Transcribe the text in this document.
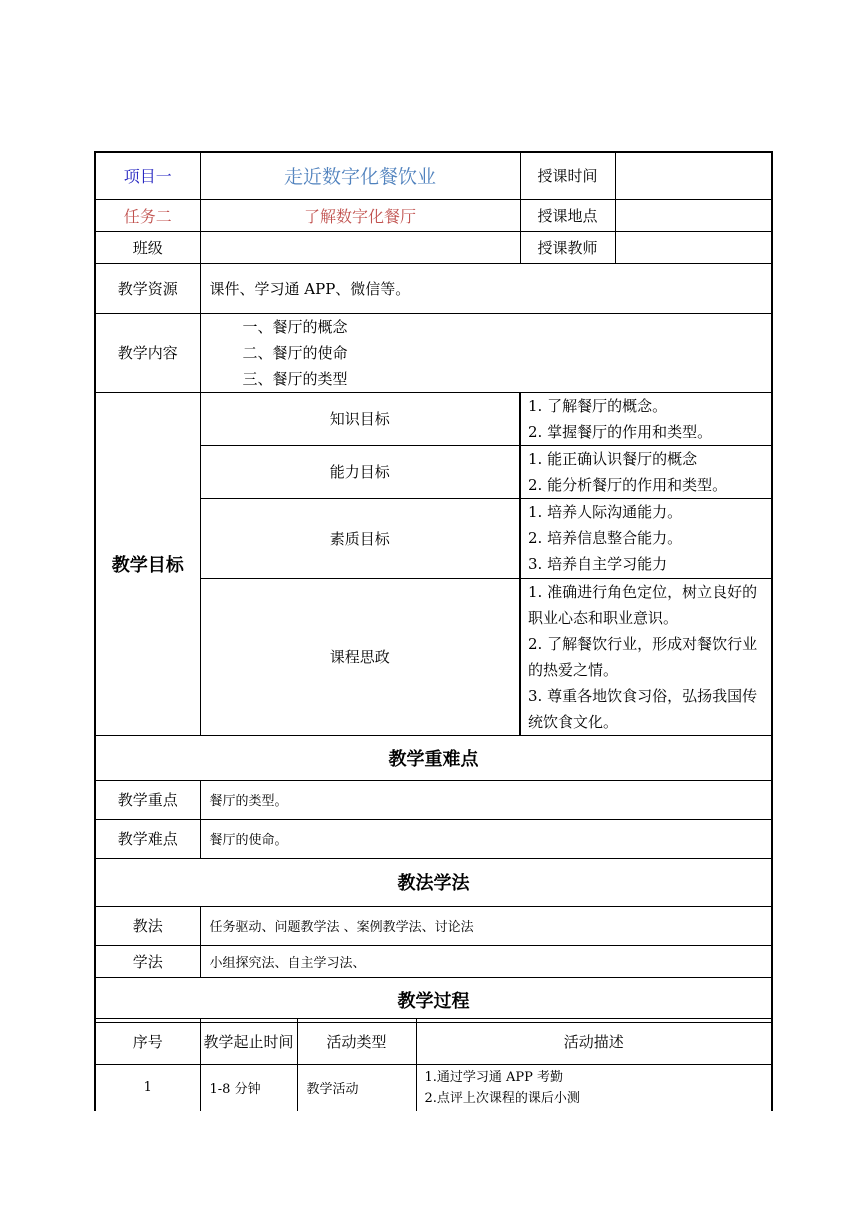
项目一	走近数字化餐饮业	授课时间	
任务二	了解数字化餐厅	授课地点	
班级		授课教师	
教学资源	课件、学习通 APP、微信等。		
教学内容	一、餐厅的概念
二、餐厅的使命
三、餐厅的类型		

教学目标	知识目标	1. 了解餐厅的概念。
2. 掌握餐厅的作用和类型。	

	能力目标	1. 能正确认识餐厅的概念
2. 能分析餐厅的作用和类型。	

	素质目标	1. 培养人际沟通能力。
2. 培养信息整合能力。
3. 培养自主学习能力	

	课程思政	1. 准确进行角色定位，树立良好的职业心态和职业意识。
2. 了解餐饮行业，形成对餐饮行业的热爱之情。
3. 尊重各地饮食习俗，弘扬我国传统饮食文化。	

教学重难点			
教学重点	餐厅的类型。		
教学难点	餐厅的使命。		
教法学法			
教法	任务驱动、问题教学法 、案例教学法、讨论法		
学法	小组探究法、自主学习法、		
教学过程			
序号	教学起止时间	活动类型	活动描述
1	1-8 分钟	教学活动	1.通过学习通 APP 考勤
2.点评上次课程的课后小测
